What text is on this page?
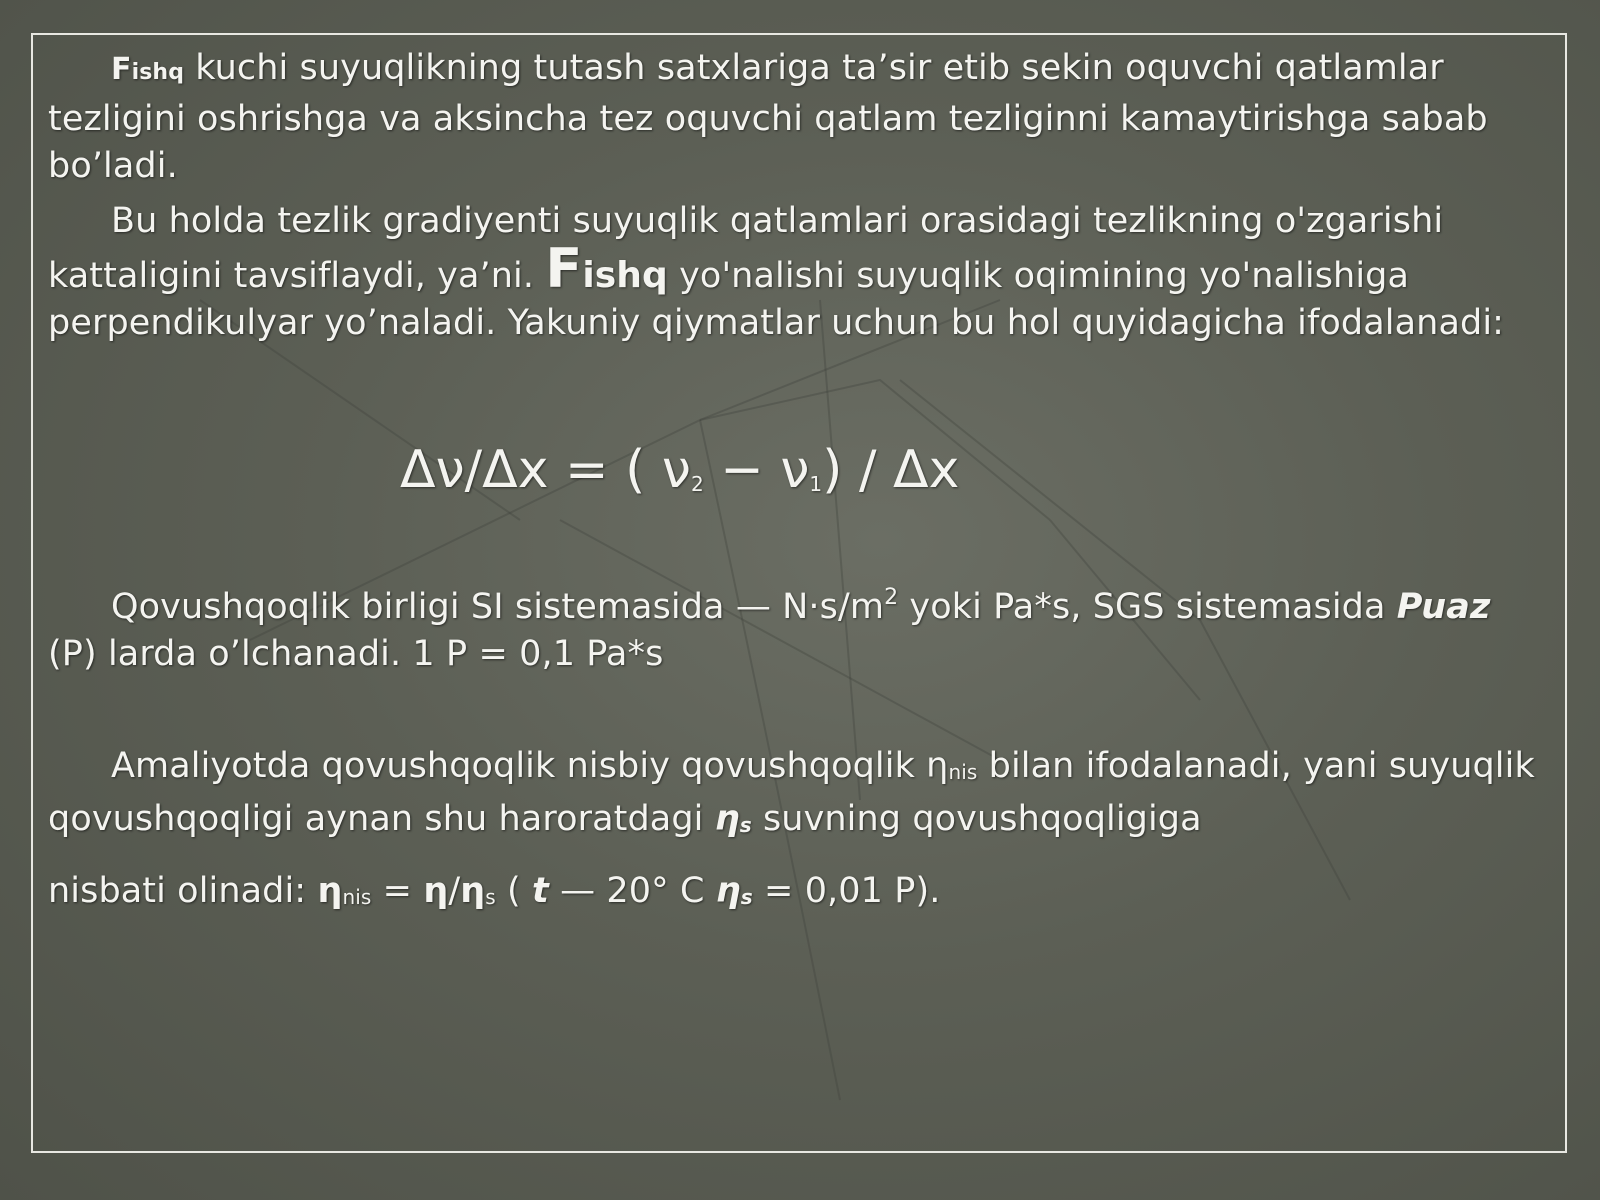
Fishq kuchi suyuqlikning tutash satxlariga ta’sir etib sekin oquvchi qatlamlar tezligini oshrishga va aksincha tez oquvchi qatlam tezliginni kamaytirishga sabab bo’ladi.
Bu holda tezlik gradiyenti suyuqlik qatlamlari orasidagi tezlikning o'zgarishi kattaligini tavsiflaydi, ya’ni. Fishq yo'nalishi suyuqlik oqimining yo'nalishiga perpendikulyar yo’naladi. Yakuniy qiymatlar uchun bu hol quyidagicha ifodalanadi:
Δν/Δx = ( $\nu_2 - \nu_1) / \Delta x$
Qovushqoqlik birligi SI sistemasida — $N\cdot s/m^2$ yoki Pa*s, SGS sistemasida Puaz (P) larda o’lchanadi. 1 P = 0,1 Pa*s
Amaliyotda qovushqoqlik nisbiy qovushqoqlik ηnis bilan ifodalanadi, yani suyuqlik qovushqoqligi aynan shu haroratdagi ηs suvning qovushqoqligiga
nisbati olinadi: ηnis = η/ηs ( t — 20° C ηs = 0,01 P).
